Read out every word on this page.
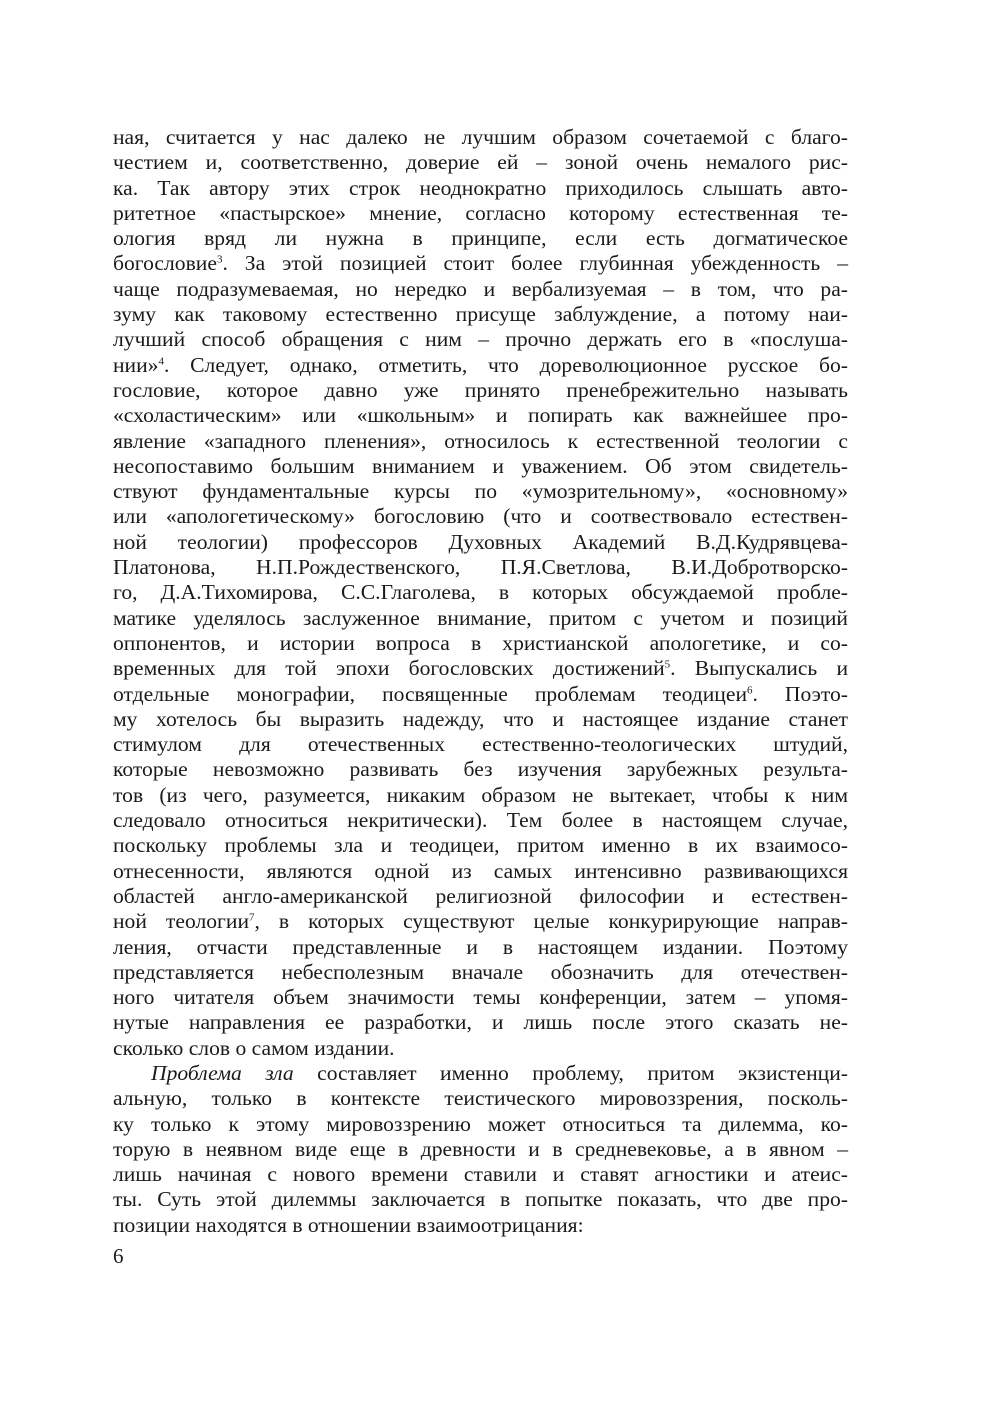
ная, считается у нас далеко не лучшим образом сочетаемой с благо-
честием и, соответственно, доверие ей – зоной очень немалого рис-
ка. Так автору этих строк неоднократно приходилось слышать авто-
ритетное «пастырское» мнение, согласно которому естественная те-
ология вряд ли нужна в принципе, если есть догматическое
богословие$^3$. За этой позицией стоит более глубинная убежденность –
чаще подразумеваемая, но нередко и вербализуемая – в том, что ра-
зуму как таковому естественно присуще заблуждение, а потому наи-
лучший способ обращения с ним – прочно держать его в «послуша-
нии»$^4$. Следует, однако, отметить, что дореволюционное русское бо-
гословие, которое давно уже принято пренебрежительно называть
«схоластическим» или «школьным» и попирать как важнейшее про-
явление «западного пленения», относилось к естественной теологии с
несопоставимо большим вниманием и уважением. Об этом свидетель-
ствуют фундаментальные курсы по «умозрительному», «основному»
или «апологетическому» богословию (что и соотвествовало естествен-
ной теологии) профессоров Духовных Академий В.Д.Кудрявцева-
Платонова, Н.П.Рождественского, П.Я.Светлова, В.И.Добротворско-
го, Д.А.Тихомирова, С.С.Глаголева, в которых обсуждаемой пробле-
матике уделялось заслуженное внимание, притом с учетом и позиций
оппонентов, и истории вопроса в христианской апологетике, и со-
временных для той эпохи богословских достижений$^5$. Выпускались и
отдельные монографии, посвященные проблемам теодицеи$^6$. Поэто-
му хотелось бы выразить надежду, что и настоящее издание станет
стимулом для отечественных естественно-теологических штудий,
которые невозможно развивать без изучения зарубежных результа-
тов (из чего, разумеется, никаким образом не вытекает, чтобы к ним
следовало относиться некритически). Тем более в настоящем случае,
поскольку проблемы зла и теодицеи, притом именно в их взаимосо-
отнесенности, являются одной из самых интенсивно развивающихся
областей англо-американской религиозной философии и естествен-
ной теологии$^7$, в которых существуют целые конкурирующие направ-
ления, отчасти представленные и в настоящем издании. Поэтому
представляется небесполезным вначале обозначить для отечествен-
ного читателя объем значимости темы конференции, затем – упомя-
нутые направления ее разработки, и лишь после этого сказать не-
сколько слов о самом издании.
Проблема зла составляет именно проблему, притом экзистенци-
альную, только в контексте теистического мировоззрения, посколь-
ку только к этому мировоззрению может относиться та дилемма, ко-
торую в неявном виде еще в древности и в средневековье, а в явном –
лишь начиная с нового времени ставили и ставят агностики и атеис-
ты. Суть этой дилеммы заключается в попытке показать, что две про-
позиции находятся в отношении взаимоотрицания:
6
